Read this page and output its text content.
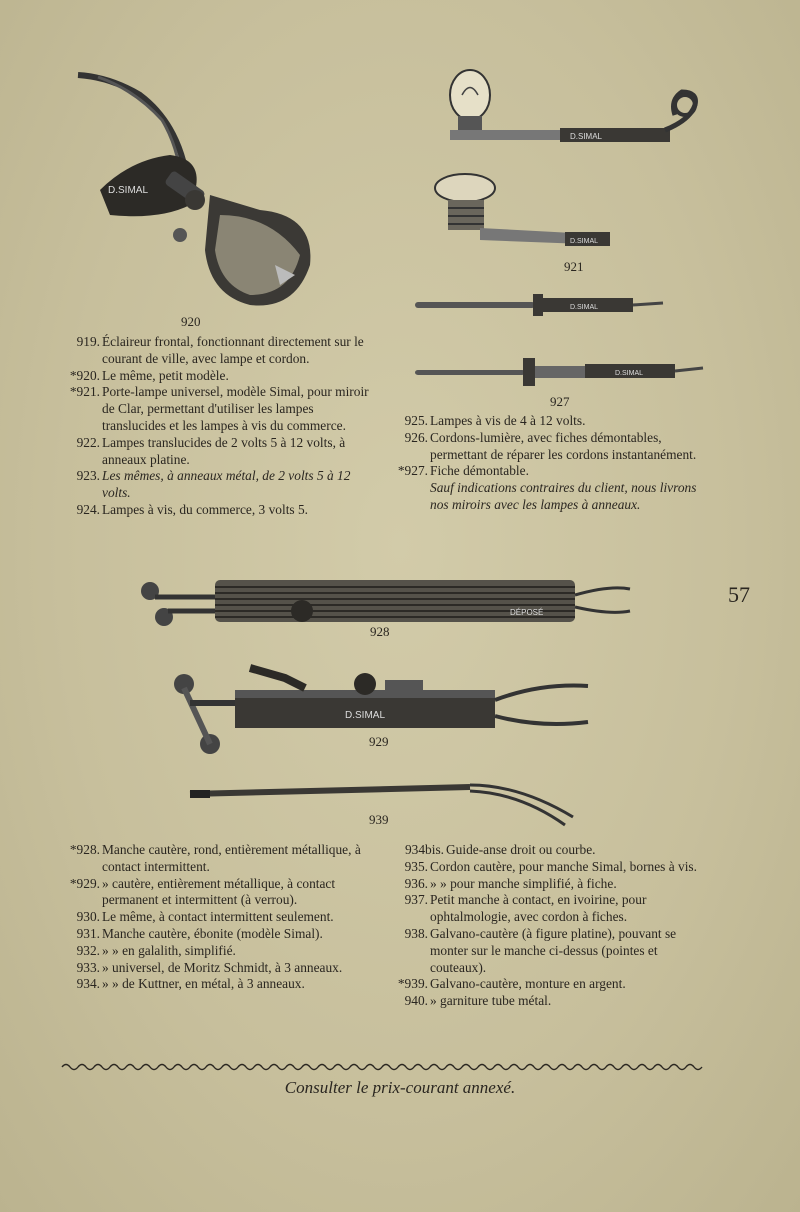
D.SIMAL
920
D.SIMAL
D.SIMAL
921
D.SIMAL
D.SIMAL
927
DÉPOSÉ
928
D.SIMAL
929
939
57
919. Éclaireur frontal, fonctionnant directement sur le courant de ville, avec lampe et cordon.
*920. Le même, petit modèle.
*921. Porte-lampe universel, modèle Simal, pour miroir de Clar, permettant d'utiliser les lampes translucides et les lampes à vis du commerce.
922. Lampes translucides de 2 volts 5 à 12 volts, à anneaux platine.
923. Les mêmes, à anneaux métal, de 2 volts 5 à 12 volts.
924. Lampes à vis, du commerce, 3 volts 5.
925. Lampes à vis de 4 à 12 volts.
926. Cordons-lumière, avec fiches démontables, permettant de réparer les cordons instantanément.
*927. Fiche démontable.
Sauf indications contraires du client, nous livrons nos miroirs avec les lampes à anneaux.
*928. Manche cautère, rond, entièrement métallique, à contact intermittent.
*929. » cautère, entièrement métallique, à contact permanent et intermittent (à verrou).
930. Le même, à contact intermittent seulement.
931. Manche cautère, ébonite (modèle Simal).
932. » » en galalith, simplifié.
933. » universel, de Moritz Schmidt, à 3 anneaux.
934. » » de Kuttner, en métal, à 3 anneaux.
934bis. Guide-anse droit ou courbe.
935. Cordon cautère, pour manche Simal, bornes à vis.
936. » » pour manche simplifié, à fiche.
937. Petit manche à contact, en ivoirine, pour ophtalmologie, avec cordon à fiches.
938. Galvano-cautère (à figure platine), pouvant se monter sur le manche ci-dessus (pointes et couteaux).
*939. Galvano-cautère, monture en argent.
940. » garniture tube métal.
Consulter le prix-courant annexé.
